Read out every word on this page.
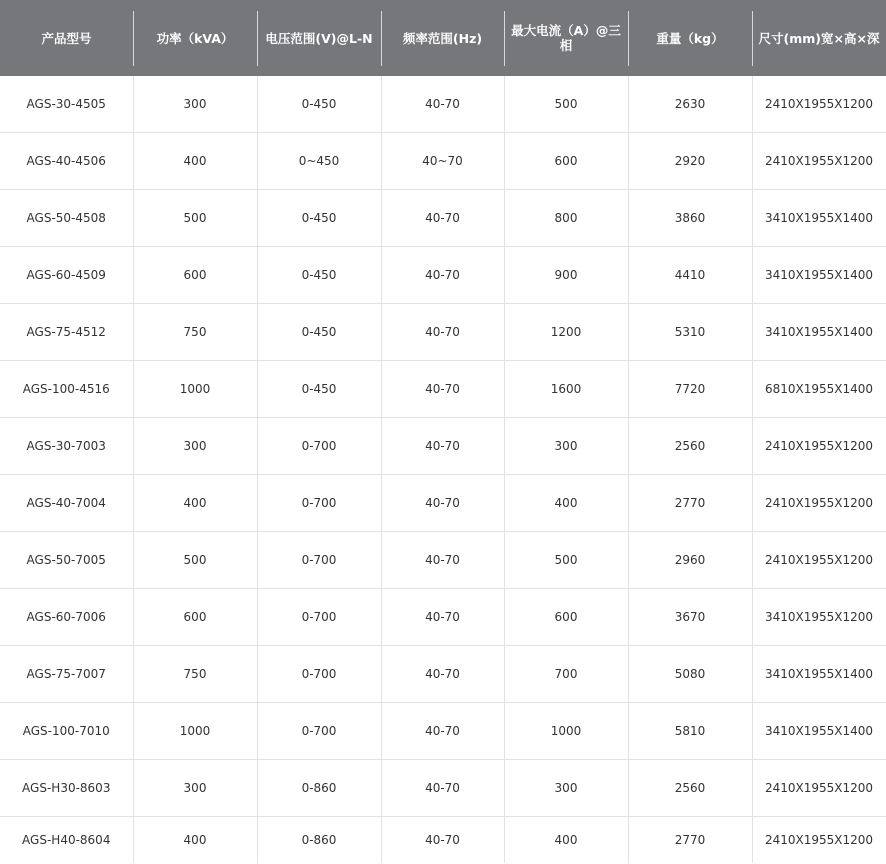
产品型号	功率（kVA）	电压范围(V)@L-N	频率范围(Hz)	最大电流（A）@三相	重量（kg）	尺寸(mm)宽×高×深
AGS-30-4505	300	0-450	40-70	500	2630	2410X1955X1200
AGS-40-4506	400	0~450	40~70	600	2920	2410X1955X1200
AGS-50-4508	500	0-450	40-70	800	3860	3410X1955X1400
AGS-60-4509	600	0-450	40-70	900	4410	3410X1955X1400
AGS-75-4512	750	0-450	40-70	1200	5310	3410X1955X1400
AGS-100-4516	1000	0-450	40-70	1600	7720	6810X1955X1400
AGS-30-7003	300	0-700	40-70	300	2560	2410X1955X1200
AGS-40-7004	400	0-700	40-70	400	2770	2410X1955X1200
AGS-50-7005	500	0-700	40-70	500	2960	2410X1955X1200
AGS-60-7006	600	0-700	40-70	600	3670	3410X1955X1200
AGS-75-7007	750	0-700	40-70	700	5080	3410X1955X1400
AGS-100-7010	1000	0-700	40-70	1000	5810	3410X1955X1400
AGS-H30-8603	300	0-860	40-70	300	2560	2410X1955X1200
AGS-H40-8604	400	0-860	40-70	400	2770	2410X1955X1200
